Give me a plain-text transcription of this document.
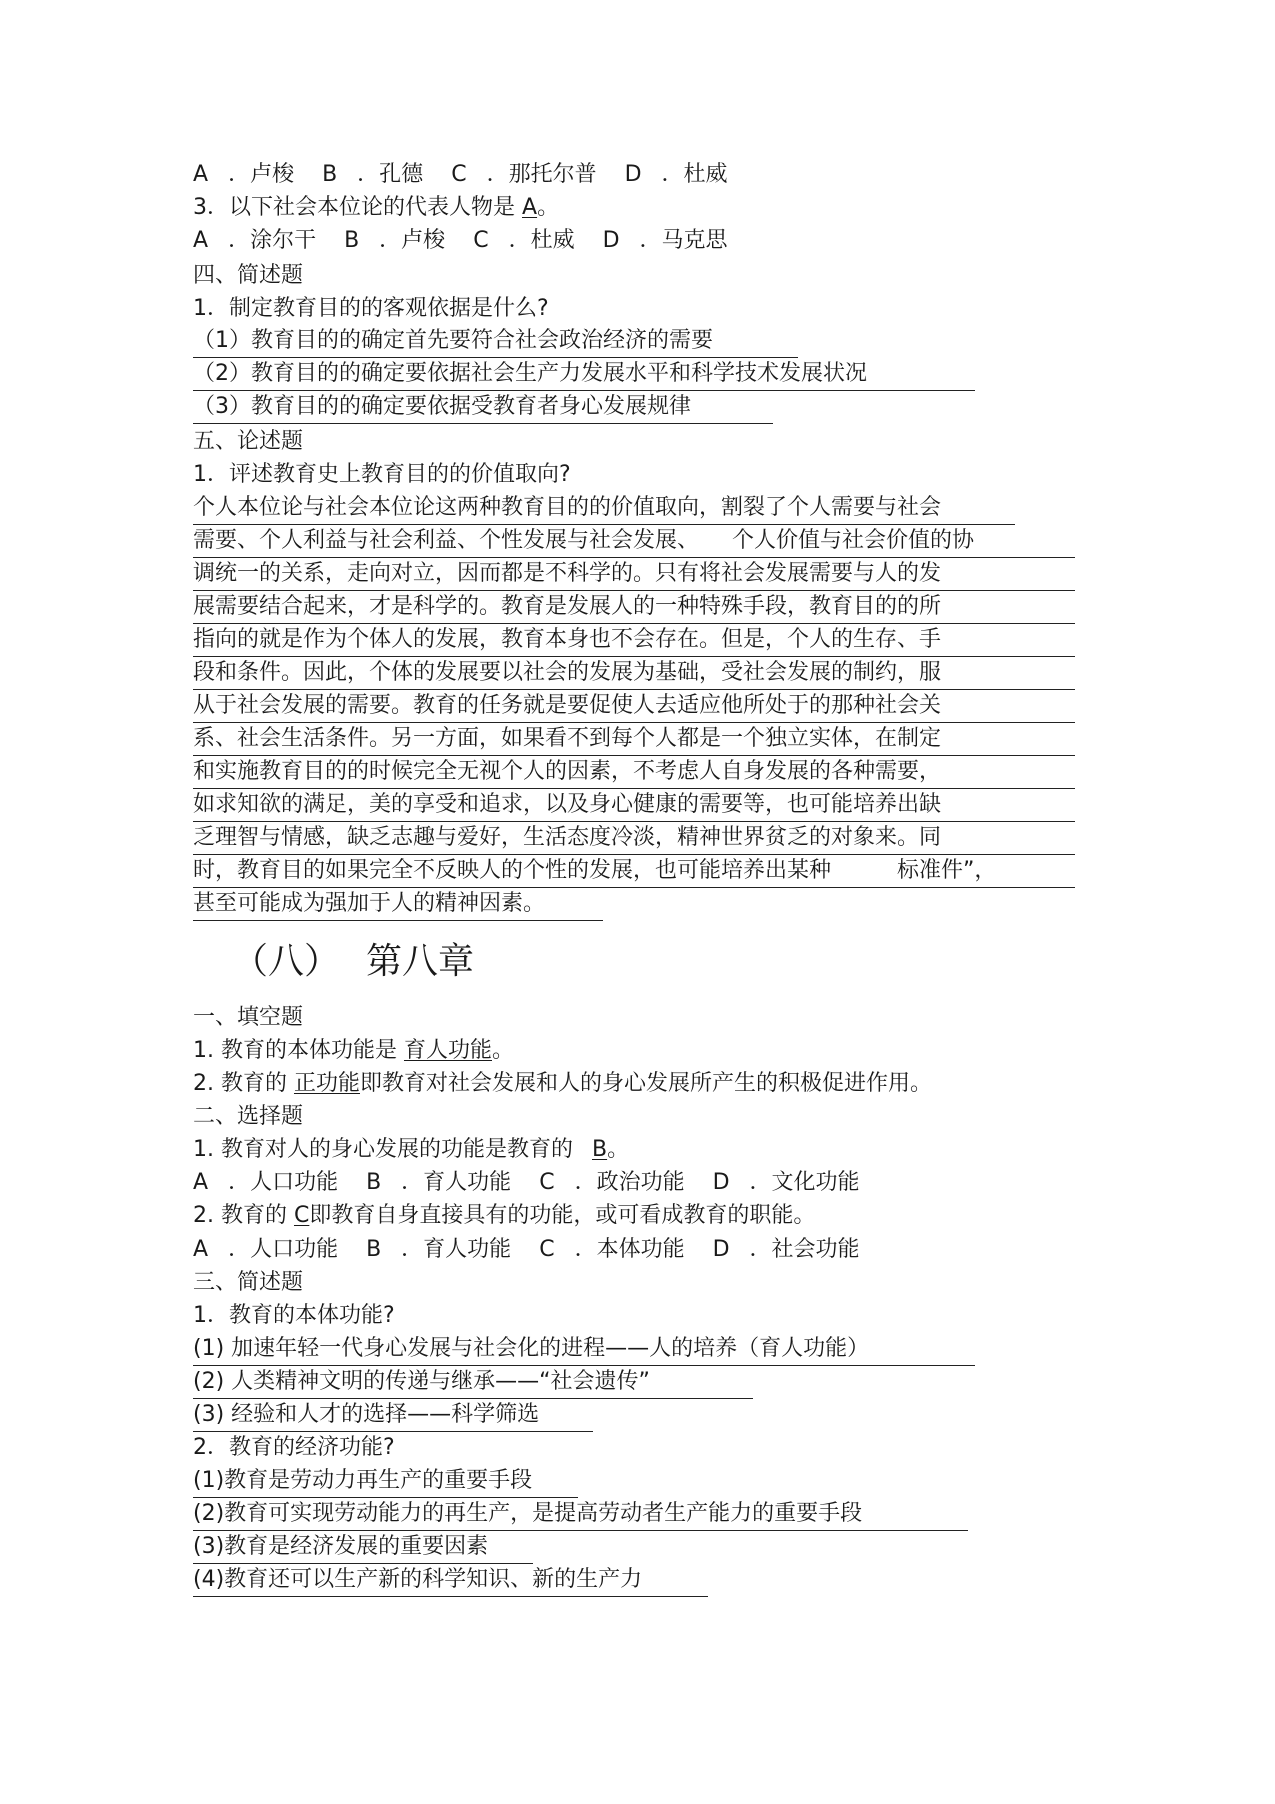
A ．卢梭 B ．孔德 C ．那托尔普 D ．杜威
3．以下社会本位论的代表人物是 A。
A ．涂尔干 B ．卢梭 C ．杜威 D ．马克思
四、简述题
1．制定教育目的的客观依据是什么?
（1）教育目的的确定首先要符合社会政治经济的需要
（2）教育目的的确定要依据社会生产力发展水平和科学技术发展状况
（3）教育目的的确定要依据受教育者身心发展规律
五、论述题
1．评述教育史上教育目的的价值取向?
个人本位论与社会本位论这两种教育目的的价值取向，割裂了个人需要与社会
需要、个人利益与社会利益、个性发展与社会发展、　　个人价值与社会价值的协
调统一的关系，走向对立，因而都是不科学的。只有将社会发展需要与人的发
展需要结合起来，才是科学的。教育是发展人的一种特殊手段，教育目的的所
指向的就是作为个体人的发展，教育本身也不会存在。但是，个人的生存、手
段和条件。因此，个体的发展要以社会的发展为基础，受社会发展的制约，服
从于社会发展的需要。教育的任务就是要促使人去适应他所处于的那种社会关
系、社会生活条件。另一方面，如果看不到每个人都是一个独立实体，在制定
和实施教育目的的时候完全无视个人的因素，不考虑人自身发展的各种需要，
如求知欲的满足，美的享受和追求，以及身心健康的需要等，也可能培养出缺
乏理智与情感，缺乏志趣与爱好，生活态度冷淡，精神世界贫乏的对象来。同
时，教育目的如果完全不反映人的个性的发展，也可能培养出某种　　　标准件”，
甚至可能成为强加于人的精神因素。
（八） 第八章
一、填空题
1. 教育的本体功能是 育人功能。
2. 教育的 正功能即教育对社会发展和人的身心发展所产生的积极促进作用。
二、选择题
1. 教育对人的身心发展的功能是教育的 B。
A ．人口功能 B ．育人功能 C ．政治功能 D ．文化功能
2. 教育的 C即教育自身直接具有的功能，或可看成教育的职能。
A ．人口功能 B ．育人功能 C ．本体功能 D ．社会功能
三、简述题
1．教育的本体功能?
(1) 加速年轻一代身心发展与社会化的进程——人的培养（育人功能）
(2) 人类精神文明的传递与继承——“社会遗传”
(3) 经验和人才的选择——科学筛选
2．教育的经济功能?
(1)教育是劳动力再生产的重要手段
(2)教育可实现劳动能力的再生产，是提高劳动者生产能力的重要手段
(3)教育是经济发展的重要因素
(4)教育还可以生产新的科学知识、新的生产力
